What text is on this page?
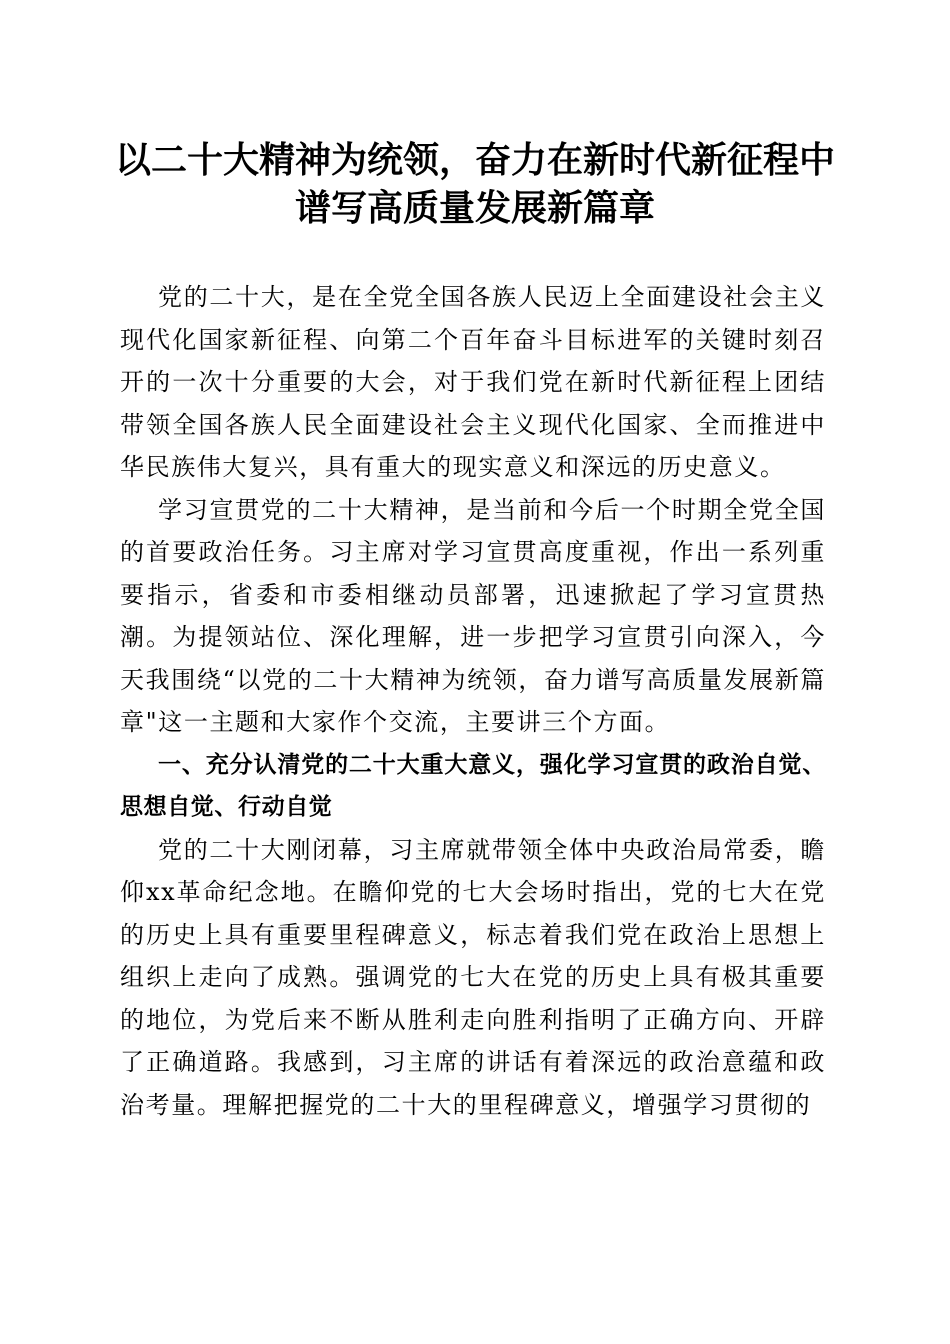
以二十大精神为统领，奋力在新时代新征程中
谱写高质量发展新篇章

党的二十大，是在全党全国各族人民迈上全面建设社会主义现代化国家新征程、向第二个百年奋斗目标进军的关键时刻召开的一次十分重要的大会，对于我们党在新时代新征程上团结带领全国各族人民全面建设社会主义现代化国家、全而推进中华民族伟大复兴，具有重大的现实意义和深远的历史意义。

学习宣贯党的二十大精神，是当前和今后一个时期全党全国的首要政治任务。习主席对学习宣贯高度重视，作出一系列重要指示，省委和市委相继动员部署，迅速掀起了学习宣贯热潮。为提领站位、深化理解，进一步把学习宣贯引向深入，今天我围绕“以党的二十大精神为统领，奋力谱写高质量发展新篇章"这一主题和大家作个交流，主要讲三个方面。

一、充分认清党的二十大重大意义，强化学习宣贯的政治自觉、思想自觉、行动自觉

党的二十大刚闭幕，习主席就带领全体中央政治局常委，瞻仰xx革命纪念地。在瞻仰党的七大会场时指出，党的七大在党的历史上具有重要里程碑意义，标志着我们党在政治上思想上组织上走向了成熟。强调党的七大在党的历史上具有极其重要的地位，为党后来不断从胜利走向胜利指明了正确方向、开辟了正确道路。我感到，习主席的讲话有着深远的政治意蕴和政治考量。理解把握党的二十大的里程碑意义，增强学习贯彻的
